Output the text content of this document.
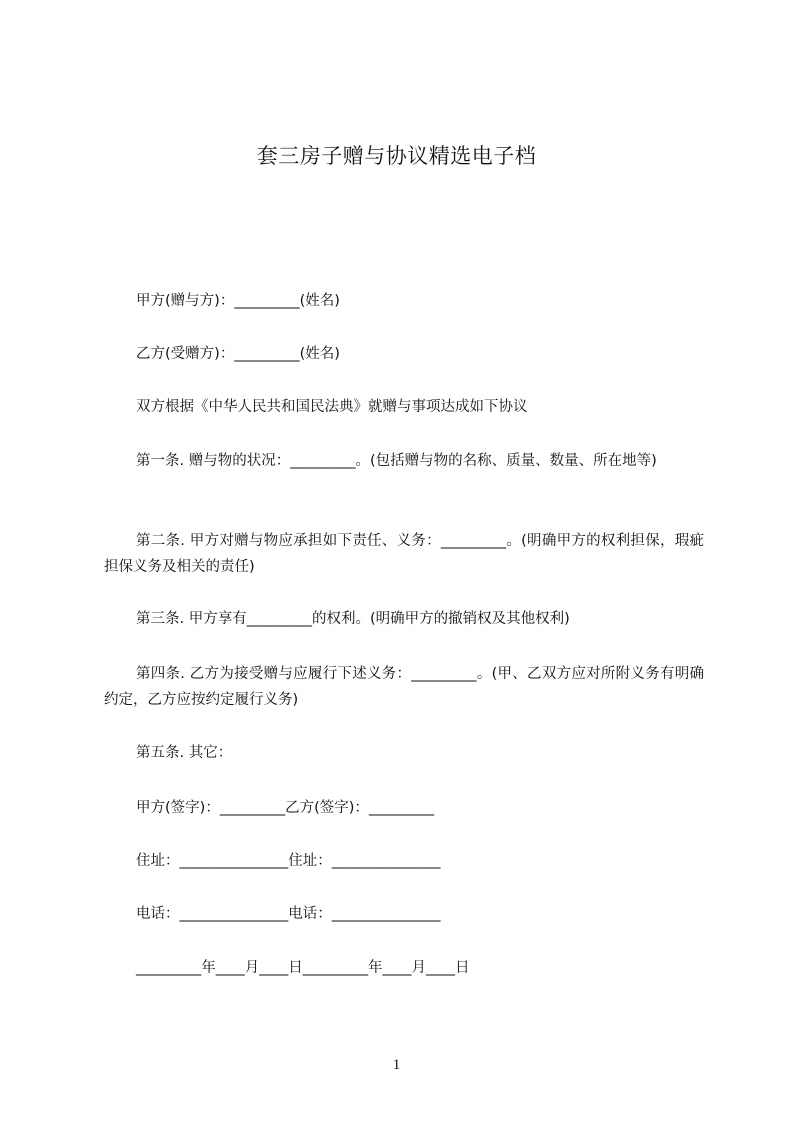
套三房子赠与协议精选电子档
甲方(赠与方)：_________(姓名)
乙方(受赠方)：_________(姓名)
双方根据《中华人民共和国民法典》就赠与事项达成如下协议
第一条. 赠与物的状况：_________。(包括赠与物的名称、质量、数量、所在地等)
第二条. 甲方对赠与物应承担如下责任、义务：_________。(明确甲方的权利担保，瑕疵担保义务及相关的责任)
第三条. 甲方享有_________的权利。(明确甲方的撤销权及其他权利)
第四条. 乙方为接受赠与应履行下述义务：_________。(甲、乙双方应对所附义务有明确约定，乙方应按约定履行义务)
第五条. 其它：
甲方(签字)：_________乙方(签字)：_________
住址：_______________住址：_______________
电话：_______________电话：_______________
_________年____月____日_________年____月____日
1
